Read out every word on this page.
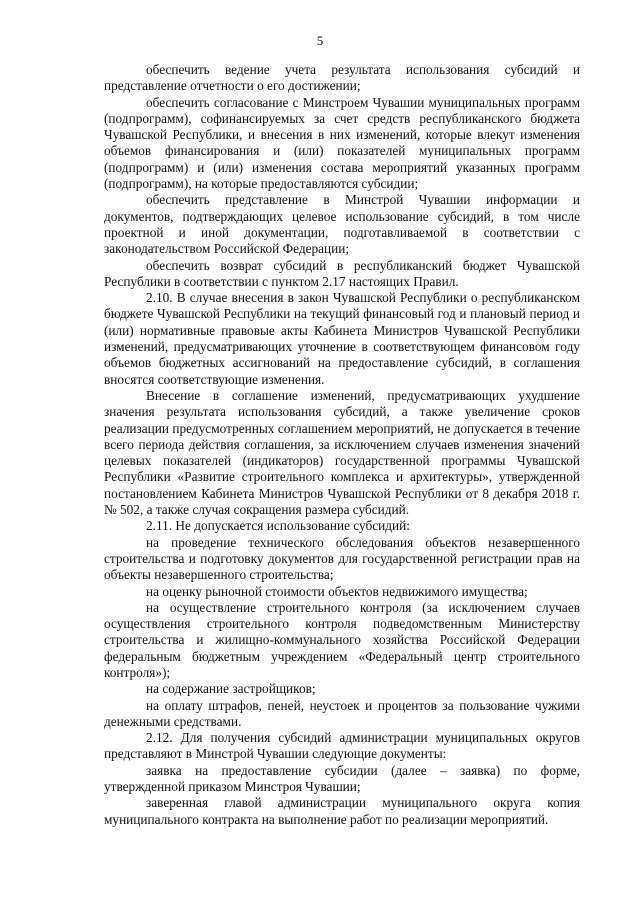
5

обеспечить ведение учета результата использования субсидий и представление отчетности о его достижении;

обеспечить согласование с Минстроем Чувашии муниципальных программ (подпрограмм), софинансируемых за счет средств республиканского бюджета Чувашской Республики, и внесения в них изменений, которые влекут изменения объемов финансирования и (или) показателей муниципальных программ (подпрограмм) и (или) изменения состава мероприятий указанных программ (подпрограмм), на которые предоставляются субсидии;

обеспечить представление в Минстрой Чувашии информации и документов, подтверждающих целевое использование субсидий, в том числе проектной и иной документации, подготавливаемой в соответствии с законодательством Российской Федерации;

обеспечить возврат субсидий в республиканский бюджет Чувашской Республики в соответствии с пунктом 2.17 настоящих Правил.

2.10. В случае внесения в закон Чувашской Республики о республиканском бюджете Чувашской Республики на текущий финансовый год и плановый период и (или) нормативные правовые акты Кабинета Министров Чувашской Республики изменений, предусматривающих уточнение в соответствующем финансовом году объемов бюджетных ассигнований на предоставление субсидий, в соглашения вносятся соответствующие изменения.

Внесение в соглашение изменений, предусматривающих ухудшение значения результата использования субсидий, а также увеличение сроков реализации предусмотренных соглашением мероприятий, не допускается в течение всего периода действия соглашения, за исключением случаев изменения значений целевых показателей (индикаторов) государственной программы Чувашской Республики «Развитие строительного комплекса и архитектуры», утвержденной постановлением Кабинета Министров Чувашской Республики от 8 декабря 2018 г. № 502, а также случая сокращения размера субсидий.

2.11. Не допускается использование субсидий:

на проведение технического обследования объектов незавершенного строительства и подготовку документов для государственной регистрации прав на объекты незавершенного строительства;

на оценку рыночной стоимости объектов недвижимого имущества;

на осуществление строительного контроля (за исключением случаев осуществления строительного контроля подведомственным Министерству строительства и жилищно-коммунального хозяйства Российской Федерации федеральным бюджетным учреждением «Федеральный центр строительного контроля»);

на содержание застройщиков;

на оплату штрафов, пеней, неустоек и процентов за пользование чужими денежными средствами.

2.12. Для получения субсидий администрации муниципальных округов представляют в Минстрой Чувашии следующие документы:

заявка на предоставление субсидии (далее – заявка) по форме, утвержденной приказом Минстроя Чувашии;

заверенная главой администрации муниципального округа копия муниципального контракта на выполнение работ по реализации мероприятий.
